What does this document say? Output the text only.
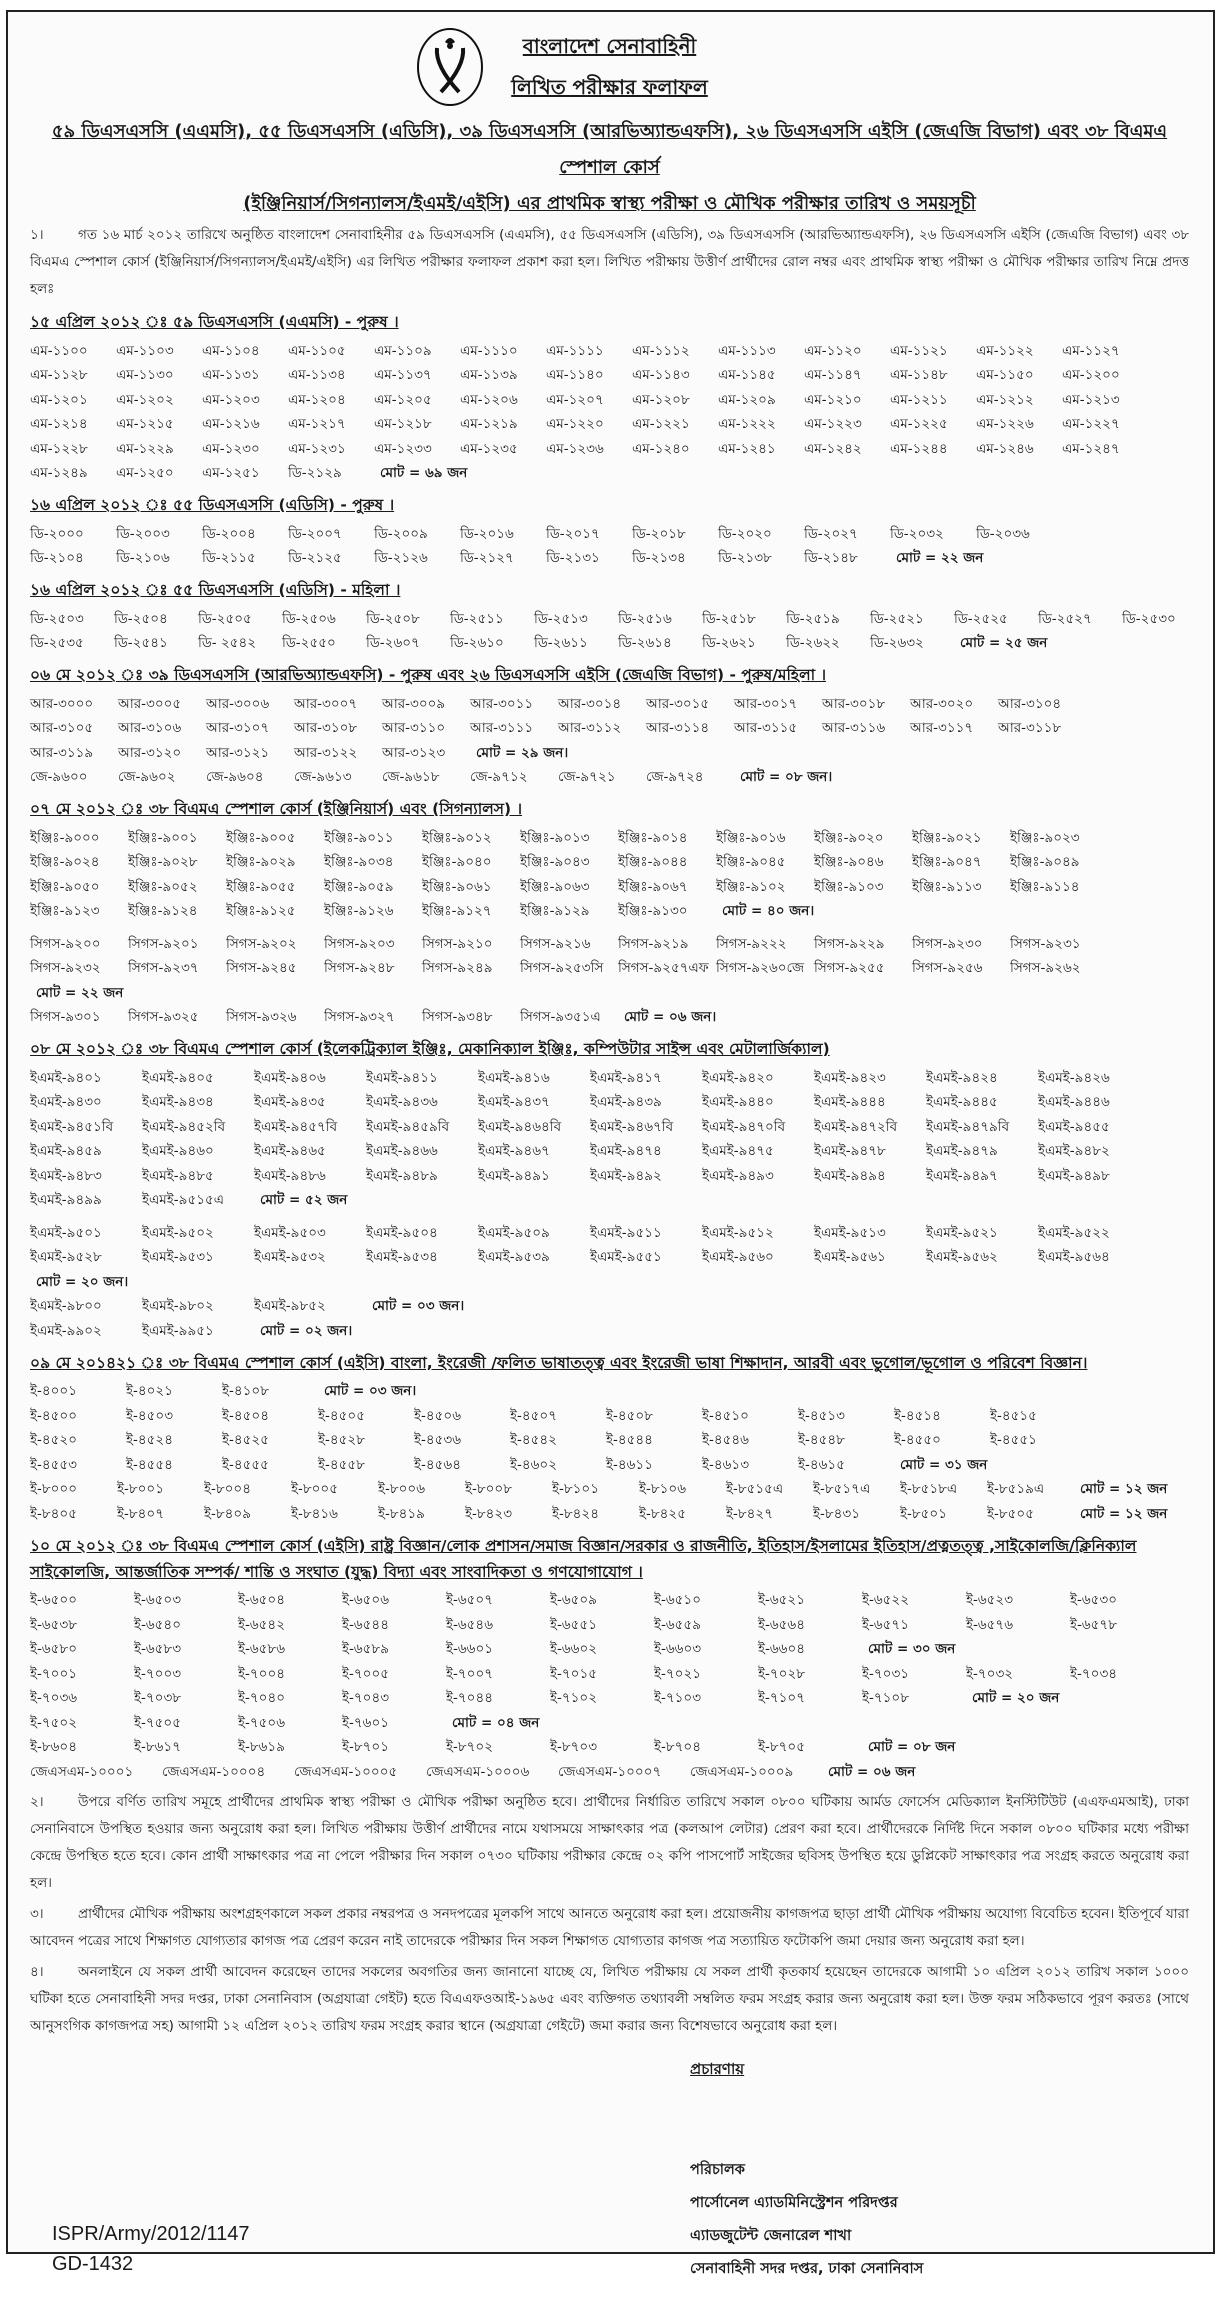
বাংলাদেশ সেনাবাহিনী
লিখিত পরীক্ষার ফলাফল
৫৯ ডিএসএসসি (এএমসি), ৫৫ ডিএসএসসি (এডিসি), ৩৯ ডিএসএসসি (আরভিঅ্যান্ডএফসি), ২৬ ডিএসএসসি এইসি (জেএজি বিভাগ) এবং ৩৮ বিএমএ স্পেশাল কোর্স
(ইঞ্জিনিয়ার্স/সিগন্যালস/ইএমই/এইসি) এর প্রাথমিক স্বাস্থ্য পরীক্ষা ও মৌখিক পরীক্ষার তারিখ ও সময়সূচী

১।	গত ১৬ মার্চ ২০১২ তারিখে অনুষ্ঠিত বাংলাদেশ সেনাবাহিনীর ৫৯ ডিএসএসসি (এএমসি), ৫৫ ডিএসএসসি (এডিসি), ৩৯ ডিএসএসসি (আরভিঅ্যান্ডএফসি), ২৬ ডিএসএসসি এইসি (জেএজি বিভাগ) এবং ৩৮ বিএমএ স্পেশাল কোর্স (ইঞ্জিনিয়ার্স/সিগন্যালস/ইএমই/এইসি) এর লিখিত পরীক্ষার ফলাফল প্রকাশ করা হল। লিখিত পরীক্ষায় উত্তীর্ণ প্রার্থীদের রোল নম্বর এবং প্রাথমিক স্বাস্থ্য পরীক্ষা ও মৌখিক পরীক্ষার তারিখ নিম্নে প্রদত্ত হলঃ

১৫ এপ্রিল ২০১২ ঃ ৫৯ ডিএসএসসি (এএমসি) - পুরুষ ।
এম-১১০০	এম-১১০৩	এম-১১০৪	এম-১১০৫	এম-১১০৯	এম-১১১০	এম-১১১১	এম-১১১২	এম-১১১৩	এম-১১২০	এম-১১২১	এম-১১২২	এম-১১২৭
এম-১১২৮	এম-১১৩০	এম-১১৩১	এম-১১৩৪	এম-১১৩৭	এম-১১৩৯	এম-১১৪০	এম-১১৪৩	এম-১১৪৫	এম-১১৪৭	এম-১১৪৮	এম-১১৫০	এম-১২০০
এম-১২০১	এম-১২০২	এম-১২০৩	এম-১২০৪	এম-১২০৫	এম-১২০৬	এম-১২০৭	এম-১২০৮	এম-১২০৯	এম-১২১০	এম-১২১১	এম-১২১২	এম-১২১৩
এম-১২১৪	এম-১২১৫	এম-১২১৬	এম-১২১৭	এম-১২১৮	এম-১২১৯	এম-১২২০	এম-১২২১	এম-১২২২	এম-১২২৩	এম-১২২৫	এম-১২২৬	এম-১২২৭
এম-১২২৮	এম-১২২৯	এম-১২৩০	এম-১২৩১	এম-১২৩৩	এম-১২৩৫	এম-১২৩৬	এম-১২৪০	এম-১২৪১	এম-১২৪২	এম-১২৪৪	এম-১২৪৬	এম-১২৪৭
এম-১২৪৯	এম-১২৫০	এম-১২৫১	ডি-২১২৯	মোট = ৬৯ জন
১৬ এপ্রিল ২০১২ ঃ ৫৫ ডিএসএসসি (এডিসি) - পুরুষ ।
ডি-২০০০	ডি-২০০৩	ডি-২০০৪	ডি-২০০৭	ডি-২০০৯	ডি-২০১৬	ডি-২০১৭	ডি-২০১৮	ডি-২০২০	ডি-২০২৭	ডি-২০৩২	ডি-২০৩৬
ডি-২১০৪	ডি-২১০৬	ডি-২১১৫	ডি-২১২৫	ডি-২১২৬	ডি-২১২৭	ডি-২১৩১	ডি-২১৩৪	ডি-২১৩৮	ডি-২১৪৮	মোট = ২২ জন
১৬ এপ্রিল ২০১২ ঃ ৫৫ ডিএসএসসি (এডিসি) - মহিলা ।
ডি-২৫০৩	ডি-২৫০৪	ডি-২৫০৫	ডি-২৫০৬	ডি-২৫০৮	ডি-২৫১১	ডি-২৫১৩	ডি-২৫১৬	ডি-২৫১৮	ডি-২৫১৯	ডি-২৫২১	ডি-২৫২৫	ডি-২৫২৭	ডি-২৫৩০
ডি-২৫৩৫	ডি-২৫৪১	ডি- ২৫৪২	ডি-২৫৫০	ডি-২৬০৭	ডি-২৬১০	ডি-২৬১১	ডি-২৬১৪	ডি-২৬২১	ডি-২৬২২	ডি-২৬৩২	মোট = ২৫ জন
০৬ মে ২০১২ ঃ ৩৯ ডিএসএসসি (আরভিঅ্যান্ডএফসি) - পুরুষ এবং ২৬ ডিএসএসসি এইসি (জেএজি বিভাগ) - পুরুষ/মহিলা ।
আর-৩০০০	আর-৩০০৫	আর-৩০০৬	আর-৩০০৭	আর-৩০০৯	আর-৩০১১	আর-৩০১৪	আর-৩০১৫	আর-৩০১৭	আর-৩০১৮	আর-৩০২০	আর-৩১০৪
আর-৩১০৫	আর-৩১০৬	আর-৩১০৭	আর-৩১০৮	আর-৩১১০	আর-৩১১১	আর-৩১১২	আর-৩১১৪	আর-৩১১৫	আর-৩১১৬	আর-৩১১৭	আর-৩১১৮
আর-৩১১৯	আর-৩১২০	আর-৩১২১	আর-৩১২২	আর-৩১২৩	মোট = ২৯ জন।
জে-৯৬০০	জে-৯৬০২	জে-৯৬০৪	জে-৯৬১৩	জে-৯৬১৮	জে-৯৭১২	জে-৯৭২১	জে-৯৭২৪	মোট = ০৮ জন।
০৭ মে ২০১২ ঃ ৩৮ বিএমএ স্পেশাল কোর্স (ইঞ্জিনিয়ার্স) এবং (সিগন্যালস) ।
ইঞ্জিঃ-৯০০০	ইঞ্জিঃ-৯০০১	ইঞ্জিঃ-৯০০৫	ইঞ্জিঃ-৯০১১	ইঞ্জিঃ-৯০১২	ইঞ্জিঃ-৯০১৩	ইঞ্জিঃ-৯০১৪	ইঞ্জিঃ-৯০১৬	ইঞ্জিঃ-৯০২০	ইঞ্জিঃ-৯০২১	ইঞ্জিঃ-৯০২৩
ইঞ্জিঃ-৯০২৪	ইঞ্জিঃ-৯০২৮	ইঞ্জিঃ-৯০২৯	ইঞ্জিঃ-৯০৩৪	ইঞ্জিঃ-৯০৪০	ইঞ্জিঃ-৯০৪৩	ইঞ্জিঃ-৯০৪৪	ইঞ্জিঃ-৯০৪৫	ইঞ্জিঃ-৯০৪৬	ইঞ্জিঃ-৯০৪৭	ইঞ্জিঃ-৯০৪৯
ইঞ্জিঃ-৯০৫০	ইঞ্জিঃ-৯০৫২	ইঞ্জিঃ-৯০৫৫	ইঞ্জিঃ-৯০৫৯	ইঞ্জিঃ-৯০৬১	ইঞ্জিঃ-৯০৬৩	ইঞ্জিঃ-৯০৬৭	ইঞ্জিঃ-৯১০২	ইঞ্জিঃ-৯১০৩	ইঞ্জিঃ-৯১১৩	ইঞ্জিঃ-৯১১৪
ইঞ্জিঃ-৯১২৩	ইঞ্জিঃ-৯১২৪	ইঞ্জিঃ-৯১২৫	ইঞ্জিঃ-৯১২৬	ইঞ্জিঃ-৯১২৭	ইঞ্জিঃ-৯১২৯	ইঞ্জিঃ-৯১৩০	মোট = ৪০ জন।
সিগস-৯২০০	সিগস-৯২০১	সিগস-৯২০২	সিগস-৯২০৩	সিগস-৯২১০	সিগস-৯২১৬	সিগস-৯২১৯	সিগস-৯২২২	সিগস-৯২২৯	সিগস-৯২৩০	সিগস-৯২৩১
সিগস-৯২৩২	সিগস-৯২৩৭	সিগস-৯২৪৫	সিগস-৯২৪৮	সিগস-৯২৪৯	সিগস-৯২৫৩সি	সিগস-৯২৫৭এফ সিগস-৯২৬০জে সিগস-৯২৫৫	সিগস-৯২৫৬	সিগস-৯২৬২
মোট = ২২ জন
সিগস-৯৩০১	সিগস-৯৩২৫	সিগস-৯৩২৬	সিগস-৯৩২৭	সিগস-৯৩৪৮	সিগস-৯৩৫১এ	মোট = ০৬ জন।
০৮ মে ২০১২ ঃ ৩৮ বিএমএ স্পেশাল কোর্স (ইলেকট্রিক্যাল ইঞ্জিঃ, মেকানিক্যাল ইঞ্জিঃ, কম্পিউটার সাইন্স এবং মেটালার্জিক্যাল)
ইএমই-৯৪০১	ইএমই-৯৪০৫	ইএমই-৯৪০৬	ইএমই-৯৪১১	ইএমই-৯৪১৬	ইএমই-৯৪১৭	ইএমই-৯৪২০	ইএমই-৯৪২৩	ইএমই-৯৪২৪	ইএমই-৯৪২৬
ইএমই-৯৪৩০	ইএমই-৯৪৩৪	ইএমই-৯৪৩৫	ইএমই-৯৪৩৬	ইএমই-৯৪৩৭	ইএমই-৯৪৩৯	ইএমই-৯৪৪০	ইএমই-৯৪৪৪	ইএমই-৯৪৪৫	ইএমই-৯৪৪৬
ইএমই-৯৪৫১বি	ইএমই-৯৪৫২বি	ইএমই-৯৪৫৭বি	ইএমই-৯৪৫৯বি	ইএমই-৯৪৬৪বি	ইএমই-৯৪৬৭বি	ইএমই-৯৪৭০বি	ইএমই-৯৪৭২বি	ইএমই-৯৪৭৯বি	ইএমই-৯৪৫৫
ইএমই-৯৪৫৯	ইএমই-৯৪৬০	ইএমই-৯৪৬৫	ইএমই-৯৪৬৬	ইএমই-৯৪৬৭	ইএমই-৯৪৭৪	ইএমই-৯৪৭৫	ইএমই-৯৪৭৮	ইএমই-৯৪৭৯	ইএমই-৯৪৮২
ইএমই-৯৪৮৩	ইএমই-৯৪৮৫	ইএমই-৯৪৮৬	ইএমই-৯৪৮৯	ইএমই-৯৪৯১	ইএমই-৯৪৯২	ইএমই-৯৪৯৩	ইএমই-৯৪৯৪	ইএমই-৯৪৯৭	ইএমই-৯৪৯৮
ইএমই-৯৪৯৯	ইএমই-৯৫১৫এ	মোট = ৫২ জন
ইএমই-৯৫০১	ইএমই-৯৫০২	ইএমই-৯৫০৩	ইএমই-৯৫০৪	ইএমই-৯৫০৯	ইএমই-৯৫১১	ইএমই-৯৫১২	ইএমই-৯৫১৩	ইএমই-৯৫২১	ইএমই-৯৫২২
ইএমই-৯৫২৮	ইএমই-৯৫৩১	ইএমই-৯৫৩২	ইএমই-৯৫৩৪	ইএমই-৯৫৩৯	ইএমই-৯৫৫১	ইএমই-৯৫৬০	ইএমই-৯৫৬১	ইএমই-৯৫৬২	ইএমই-৯৫৬৪
মোট = ২০ জন।
ইএমই-৯৮০০	ইএমই-৯৮০২	ইএমই-৯৮৫২	মোট = ০৩ জন।
ইএমই-৯৯০২	ইএমই-৯৯৫১	মোট = ০২ জন।
০৯ মে ২০১৪২১ ঃ ৩৮ বিএমএ স্পেশাল কোর্স (এইসি) বাংলা, ইংরেজী /ফলিত ভাষাতত্ত্ব এবং ইংরেজী ভাষা শিক্ষাদান, আরবী এবং ভুগোল/ভূগোল ও পরিবেশ বিজ্ঞান।
ই-৪০০১	ই-৪০২১	ই-৪১০৮	মোট = ০৩ জন।
ই-৪৫০০	ই-৪৫০৩	ই-৪৫০৪	ই-৪৫০৫	ই-৪৫০৬	ই-৪৫০৭	ই-৪৫০৮	ই-৪৫১০	ই-৪৫১৩	ই-৪৫১৪	ই-৪৫১৫
ই-৪৫২০	ই-৪৫২৪	ই-৪৫২৫	ই-৪৫২৮	ই-৪৫৩৬	ই-৪৫৪২	ই-৪৫৪৪	ই-৪৫৪৬	ই-৪৫৪৮	ই-৪৫৫০	ই-৪৫৫১
ই-৪৫৫৩	ই-৪৫৫৪	ই-৪৫৫৫	ই-৪৫৫৮	ই-৪৫৬৪	ই-৪৬০২	ই-৪৬১১	ই-৪৬১৩	ই-৪৬১৫	মোট = ৩১ জন
ই-৮০০০	ই-৮০০১	ই-৮০০৪	ই-৮০০৫	ই-৮০০৬	ই-৮০০৮	ই-৮১০১	ই-৮১০৬	ই-৮৫১৫এ	ই-৮৫১৭এ	ই-৮৫১৮এ	ই-৮৫১৯এ	মোট = ১২ জন
ই-৮৪০৫	ই-৮৪০৭	ই-৮৪০৯	ই-৮৪১৬	ই-৮৪১৯	ই-৮৪২৩	ই-৮৪২৪	ই-৮৪২৫	ই-৮৪২৭	ই-৮৪৩১	ই-৮৫০১	ই-৮৫০৫	মোট = ১২ জন
১০ মে ২০১২ ঃ ৩৮ বিএমএ স্পেশাল কোর্স (এইসি) রাষ্ট্র বিজ্ঞান/লোক প্রশাসন/সমাজ বিজ্ঞান/সরকার ও রাজনীতি, ইতিহাস/ইসলামের ইতিহাস/প্রত্নতত্ত্ব ,সাইকোলজি/ক্লিনিক্যাল সাইকোলজি, আন্তর্জাতিক সম্পর্ক/ শান্তি ও সংঘাত (যুদ্ধ) বিদ্যা এবং সাংবাদিকতা ও গণযোগাযোগ ।
ই-৬৫০০	ই-৬৫০৩	ই-৬৫০৪	ই-৬৫০৬	ই-৬৫০৭	ই-৬৫০৯	ই-৬৫১০	ই-৬৫২১	ই-৬৫২২	ই-৬৫২৩	ই-৬৫৩০
ই-৬৫৩৮	ই-৬৫৪০	ই-৬৫৪২	ই-৬৫৪৪	ই-৬৫৪৬	ই-৬৫৫১	ই-৬৫৫৯	ই-৬৫৬৪	ই-৬৫৭১	ই-৬৫৭৬	ই-৬৫৭৮
ই-৬৫৮০	ই-৬৫৮৩	ই-৬৫৮৬	ই-৬৫৮৯	ই-৬৬০১	ই-৬৬০২	ই-৬৬০৩	ই-৬৬০৪	মোট = ৩০ জন
ই-৭০০১	ই-৭০০৩	ই-৭০০৪	ই-৭০০৫	ই-৭০০৭	ই-৭০১৫	ই-৭০২১	ই-৭০২৮	ই-৭০৩১	ই-৭০৩২	ই-৭০৩৪
ই-৭০৩৬	ই-৭০৩৮	ই-৭০৪০	ই-৭০৪৩	ই-৭০৪৪	ই-৭১০২	ই-৭১০৩	ই-৭১০৭	ই-৭১০৮	মোট = ২০ জন
ই-৭৫০২	ই-৭৫০৫	ই-৭৫০৬	ই-৭৬০১	মোট = ০৪ জন
ই-৮৬০৪	ই-৮৬১৭	ই-৮৬১৯	ই-৮৭০১	ই-৮৭০২	ই-৮৭০৩	ই-৮৭০৪	ই-৮৭০৫	মোট = ০৮ জন
জেএসএম-১০০০১	জেএসএম-১০০০৪	জেএসএম-১০০০৫	জেএসএম-১০০০৬	জেএসএম-১০০০৭	জেএসএম-১০০০৯	মোট = ০৬ জন

২।	উপরে বর্ণিত তারিখ সমূহে প্রার্থীদের প্রাথমিক স্বাস্থ্য পরীক্ষা ও মৌখিক পরীক্ষা অনুষ্ঠিত হবে। প্রার্থীদের নির্ধারিত তারিখে সকাল ০৮০০ ঘটিকায় আর্মড ফোর্সেস মেডিক্যাল ইনস্টিটিউট (এএফএমআই), ঢাকা সেনানিবাসে উপস্থিত হওয়ার জন্য অনুরোধ করা হল। লিখিত পরীক্ষায় উত্তীর্ণ প্রার্থীদের নামে যথাসময়ে সাক্ষাৎকার পত্র (কলআপ লেটার) প্রেরণ করা হবে। প্রার্থীদেরকে নির্দিষ্ট দিনে সকাল ০৮০০ ঘটিকার মধ্যে পরীক্ষা কেন্দ্রে উপস্থিত হতে হবে। কোন প্রার্থী সাক্ষাৎকার পত্র না পেলে পরীক্ষার দিন সকাল ০৭৩০ ঘটিকায় পরীক্ষার কেন্দ্রে ০২ কপি পাসপোর্ট সাইজের ছবিসহ উপস্থিত হয়ে ডুপ্লিকেট সাক্ষাৎকার পত্র সংগ্রহ করতে অনুরোধ করা হল।

৩।	প্রার্থীদের মৌখিক পরীক্ষায় অংশগ্রহণকালে সকল প্রকার নম্বরপত্র ও সনদপত্রের মূলকপি সাথে আনতে অনুরোধ করা হল। প্রয়োজনীয় কাগজপত্র ছাড়া প্রার্থী মৌখিক পরীক্ষায় অযোগ্য বিবেচিত হবেন। ইতিপূর্বে যারা আবেদন পত্রের সাথে শিক্ষাগত যোগ্যতার কাগজ পত্র প্রেরণ করেন নাই তাদেরকে পরীক্ষার দিন সকল শিক্ষাগত যোগ্যতার কাগজ পত্র সত্যায়িত ফটোকপি জমা দেয়ার জন্য অনুরোধ করা হল।

৪।	অনলাইনে যে সকল প্রার্থী আবেদন করেছেন তাদের সকলের অবগতির জন্য জানানো যাচ্ছে যে, লিখিত পরীক্ষায় যে সকল প্রার্থী কৃতকার্য হয়েছেন তাদেরকে আগামী ১০ এপ্রিল ২০১২ তারিখ সকাল ১০০০ ঘটিকা হতে সেনাবাহিনী সদর দপ্তর, ঢাকা সেনানিবাস (অগ্রযাত্রা গেইট) হতে বিএএফওআই-১৯৬৫ এবং ব্যক্তিগত তথ্যাবলী সম্বলিত ফরম সংগ্রহ করার জন্য অনুরোধ করা হল। উক্ত ফরম সঠিকভাবে পূরণ করতঃ (সাথে আনুসংগিক কাগজপত্র সহ) আগামী ১২ এপ্রিল ২০১২ তারিখ ফরম সংগ্রহ করার স্থানে (অগ্রযাত্রা গেইটে) জমা করার জন্য বিশেষভাবে অনুরোধ করা হল।

প্রচারণায়
পরিচালক
পার্সোনেল এ্যাডমিনিস্ট্রেশন পরিদপ্তর
এ্যাডজুটেন্ট জেনারেল শাখা
সেনাবাহিনী সদর দপ্তর, ঢাকা সেনানিবাস
ISPR/Army/2012/1147
GD-1432
